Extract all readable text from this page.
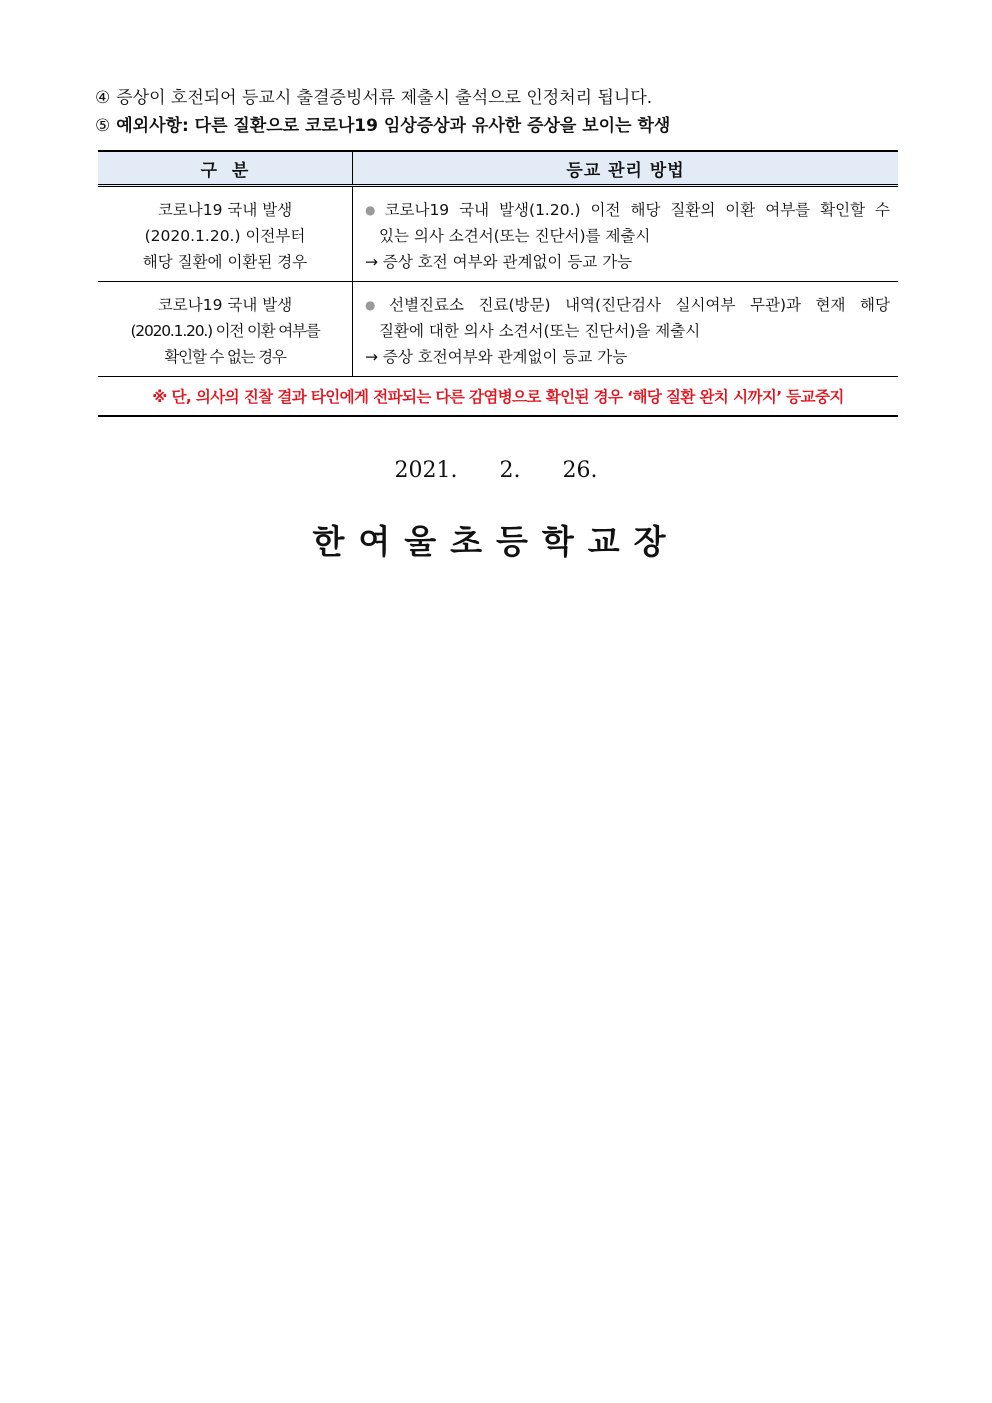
④ 증상이 호전되어 등교시 출결증빙서류 제출시 출석으로 인정처리 됩니다.
⑤ 예외사항: 다른 질환으로 코로나19 임상증상과 유사한 증상을 보이는 학생
구  분	등교 관리 방법
코로나19 국내 발생
(2020.1.20.) 이전부터
해당 질환에 이환된 경우
● 코로나19 국내 발생(1.20.) 이전 해당 질환의 이환 여부를 확인할 수
있는 의사 소견서(또는 진단서)를 제출시
→ 증상 호전 여부와 관계없이 등교 가능
코로나19 국내 발생
(2020.1.20.) 이전 이환 여부를
확인할 수 없는 경우
● 선별진료소 진료(방문) 내역(진단검사 실시여부 무관)과 현재 해당
질환에 대한 의사 소견서(또는 진단서)을 제출시
→ 증상 호전여부와 관계없이 등교 가능
※ 단, 의사의 진찰 결과 타인에게 전파되는 다른 감염병으로 확인된 경우 ‘해당 질환 완치 시까지’ 등교중지
2021.  2.  26.
한여울초등학교장
